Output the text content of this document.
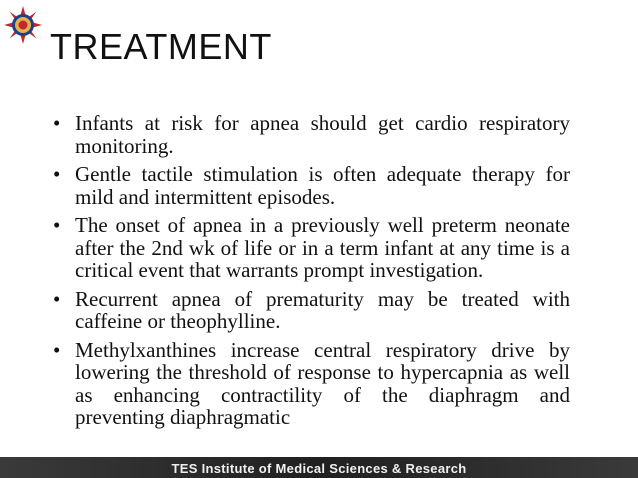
TREATMENT
• Infants at risk for apnea should get cardio respiratory monitoring.
• Gentle tactile stimulation is often adequate therapy for mild and intermittent episodes.
• The onset of apnea in a previously well preterm neonate after the 2nd wk of life or in a term infant at any time is a critical event that warrants prompt investigation.
• Recurrent apnea of prematurity may be treated with caffeine or theophylline.
• Methylxanthines increase central respiratory drive by lowering the threshold of response to hypercapnia as well as enhancing contractility of the diaphragm and preventing diaphragmatic
TES Institute of Medical Sciences & Research
